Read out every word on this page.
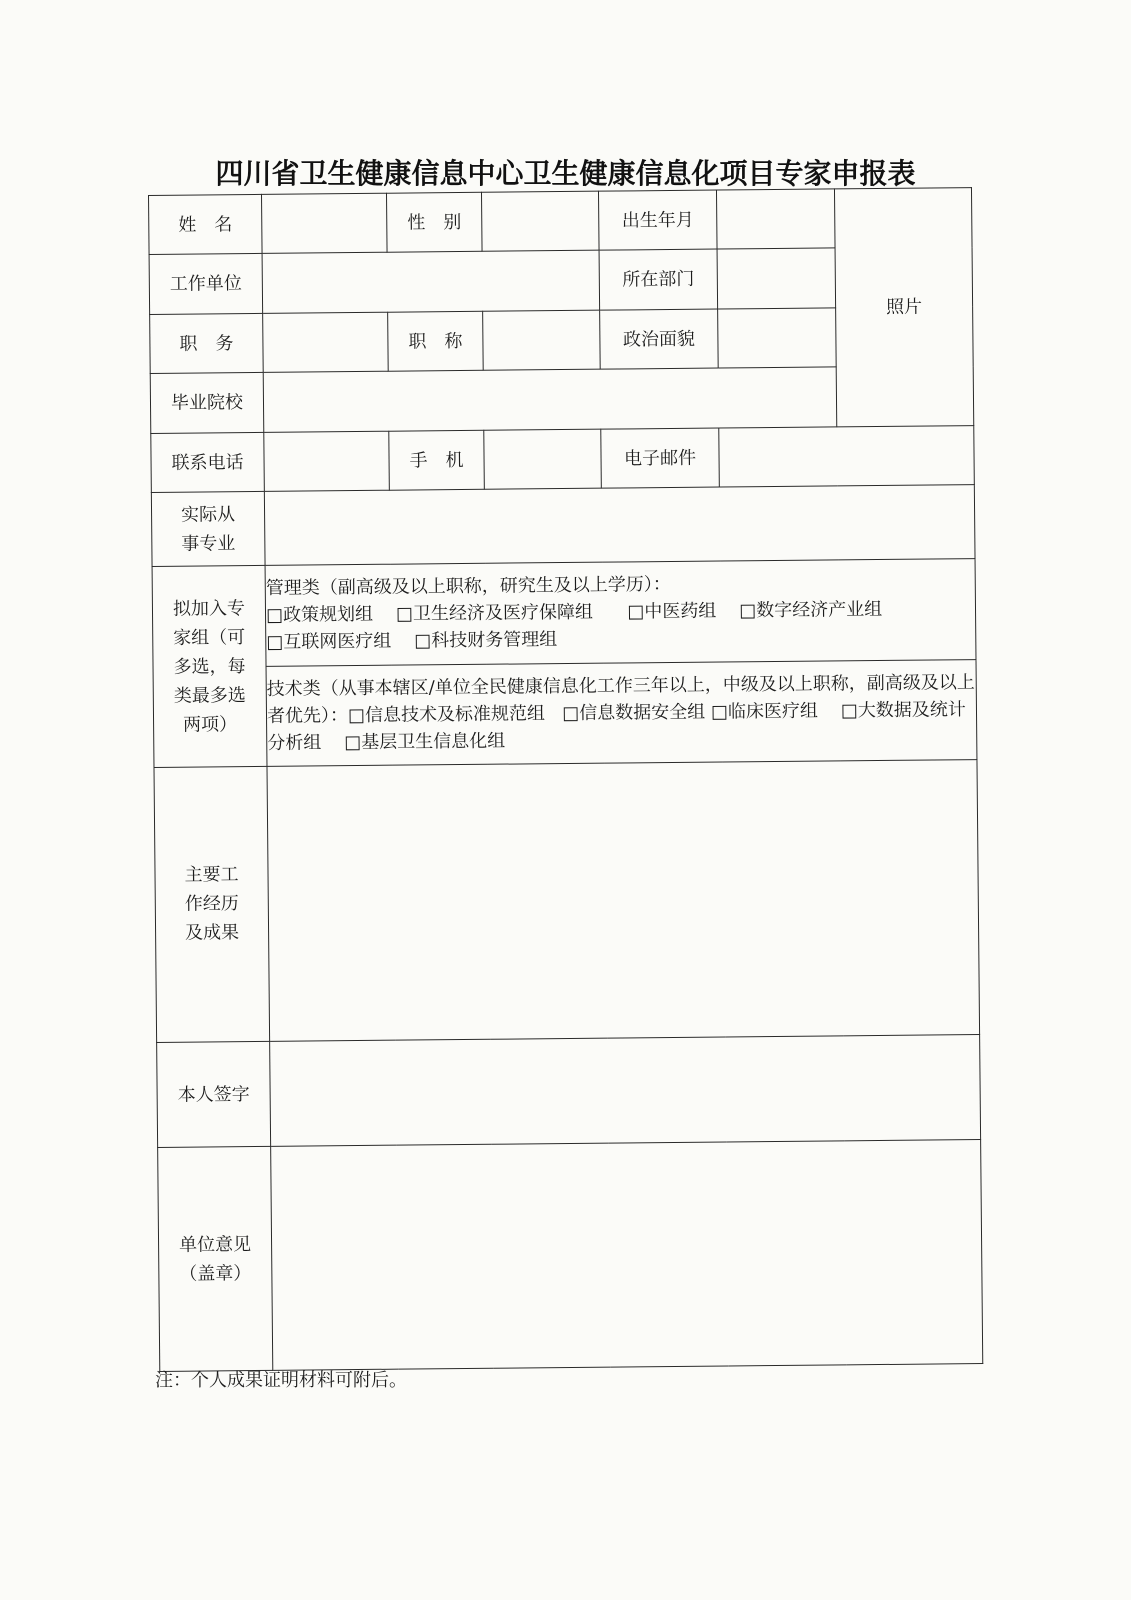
四川省卫生健康信息中心卫生健康信息化项目专家申报表
姓　名		性　别		出生年月		照片
工作单位				所在部门		
职　务		职　称		政治面貌		
毕业院校						
联系电话		手　机		电子邮件		
实际从事专业						
拟加入专家组（可多选，每类最多选两项）	管理类（副高级及以上职称，研究生及以上学历）：
□政策规划组 □卫生经济及医疗保障组 □中医药组 □数字经济产业组
□互联网医疗组 □科技财务管理组					

	技术类（从事本辖区/单位全民健康信息化工作三年以上，中级及以上职称，副高级及以上者优先）：□信息技术及标准规范组 □信息数据安全组 □临床医疗组 □大数据及统计分析组 □基层卫生信息化组					
主要工作经历及成果						
本人签字						
单位意见（盖章）						
注：个人成果证明材料可附后。
